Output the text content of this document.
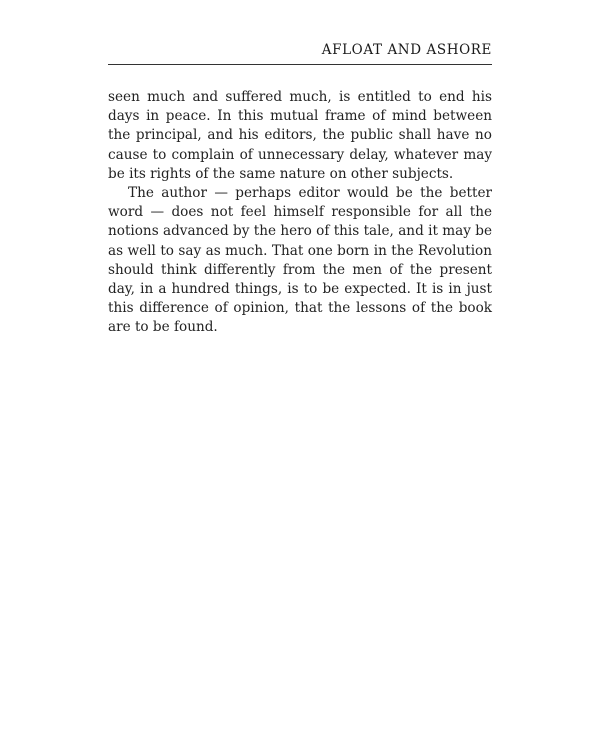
AFLOAT AND ASHORE

seen much and suffered much, is entitled to end his days in peace. In this mutual frame of mind between the principal, and his editors, the public shall have no cause to complain of unnecessary delay, whatever may be its rights of the same nature on other subjects.

The author — perhaps editor would be the better word — does not feel himself responsible for all the notions advanced by the hero of this tale, and it may be as well to say as much. That one born in the Revolution should think differently from the men of the present day, in a hundred things, is to be expected. It is in just this difference of opinion, that the lessons of the book are to be found.
